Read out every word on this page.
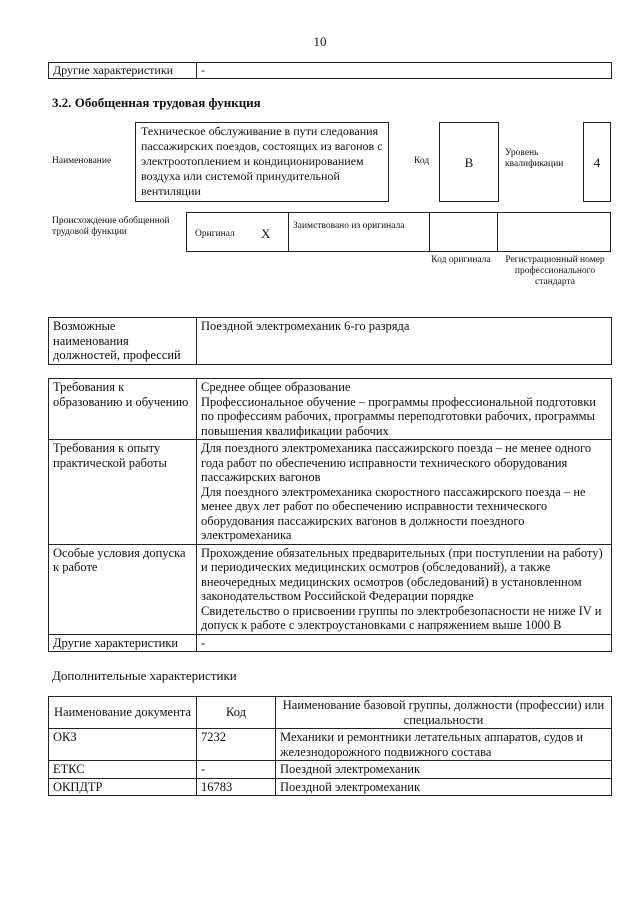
10
Другие характеристики	-
3.2. Обобщенная трудовая функция
Наименование
Техническое обслуживание в пути следования пассажирских поездов, состоящих из вагонов с электроотоплением и кондиционированием воздуха или системой принудительной вентиляции
Код	B
Уровень квалификации	4
Происхождение обобщенной трудовой функции	Оригинал X Заимствовано из оригинала
Код оригинала	Регистрационный номер профессионального стандарта
Возможные наименования должностей, профессий	Поездной электромеханик 6-го разряда
Требования к образованию и обучению	Среднее общее образование
Профессиональное обучение – программы профессиональной подготовки по профессиям рабочих, программы переподготовки рабочих, программы повышения квалификации рабочих

Требования к опыту практической работы	Для поездного электромеханика пассажирского поезда – не менее одного года работ по обеспечению исправности технического оборудования пассажирских вагонов
Для поездного электромеханика скоростного пассажирского поезда – не менее двух лет работ по обеспечению исправности технического оборудования пассажирских вагонов в должности поездного электромеханика

Особые условия допуска к работе	Прохождение обязательных предварительных (при поступлении на работу) и периодических медицинских осмотров (обследований), а также внеочередных медицинских осмотров (обследований) в установленном законодательством Российской Федерации порядке
Свидетельство о присвоении группы по электробезопасности не ниже IV и допуск к работе с электроустановками с напряжением выше 1000 В

Другие характеристики	-
Дополнительные характеристики
Наименование документа	Код	Наименование базовой группы, должности (профессии) или специальности
ОКЗ	7232	Механики и ремонтники летательных аппаратов, судов и железнодорожного подвижного состава
ЕТКС	-	Поездной электромеханик
ОКПДТР	16783	Поездной электромеханик
